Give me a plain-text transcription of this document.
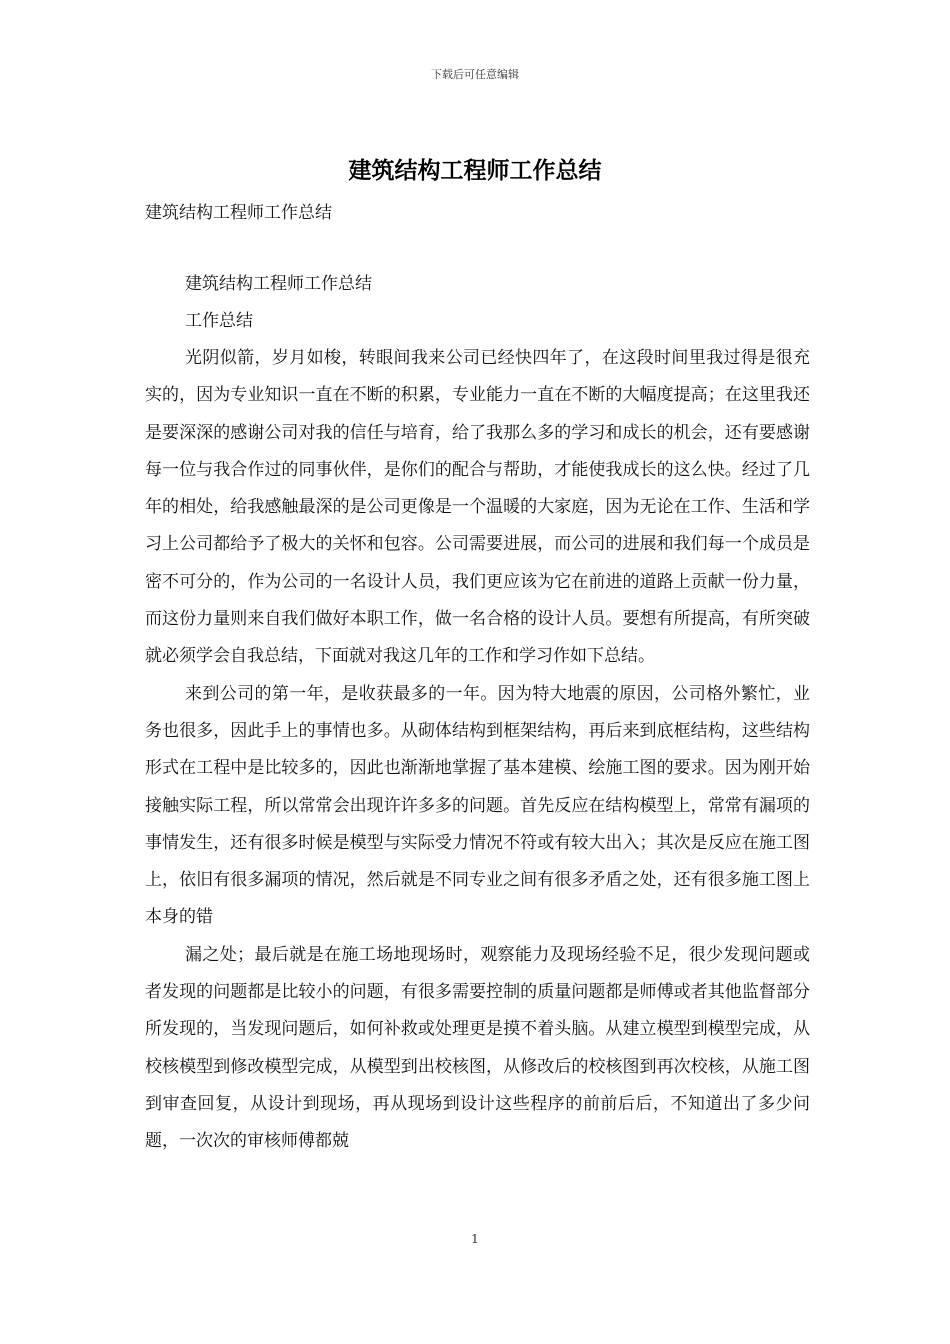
下载后可任意编辑
建筑结构工程师工作总结

建筑结构工程师工作总结

建筑结构工程师工作总结

工作总结

光阴似箭，岁月如梭，转眼间我来公司已经快四年了，在这段时间里我过得是很充实的，因为专业知识一直在不断的积累，专业能力一直在不断的大幅度提高；在这里我还是要深深的感谢公司对我的信任与培育，给了我那么多的学习和成长的机会，还有要感谢每一位与我合作过的同事伙伴，是你们的配合与帮助，才能使我成长的这么快。经过了几年的相处，给我感触最深的是公司更像是一个温暖的大家庭，因为无论在工作、生活和学习上公司都给予了极大的关怀和包容。公司需要进展，而公司的进展和我们每一个成员是密不可分的，作为公司的一名设计人员，我们更应该为它在前进的道路上贡献一份力量，而这份力量则来自我们做好本职工作，做一名合格的设计人员。要想有所提高，有所突破就必须学会自我总结，下面就对我这几年的工作和学习作如下总结。

来到公司的第一年，是收获最多的一年。因为特大地震的原因，公司格外繁忙，业务也很多，因此手上的事情也多。从砌体结构到框架结构，再后来到底框结构，这些结构形式在工程中是比较多的，因此也渐渐地掌握了基本建模、绘施工图的要求。因为刚开始接触实际工程，所以常常会出现许许多多的问题。首先反应在结构模型上，常常有漏项的事情发生，还有很多时候是模型与实际受力情况不符或有较大出入；其次是反应在施工图上，依旧有很多漏项的情况，然后就是不同专业之间有很多矛盾之处，还有很多施工图上本身的错

漏之处；最后就是在施工场地现场时，观察能力及现场经验不足，很少发现问题或者发现的问题都是比较小的问题，有很多需要控制的质量问题都是师傅或者其他监督部分所发现的，当发现问题后，如何补救或处理更是摸不着头脑。从建立模型到模型完成，从校核模型到修改模型完成，从模型到出校核图，从修改后的校核图到再次校核，从施工图到审查回复，从设计到现场，再从现场到设计这些程序的前前后后，不知道出了多少问题，一次次的审核师傅都兢

1
